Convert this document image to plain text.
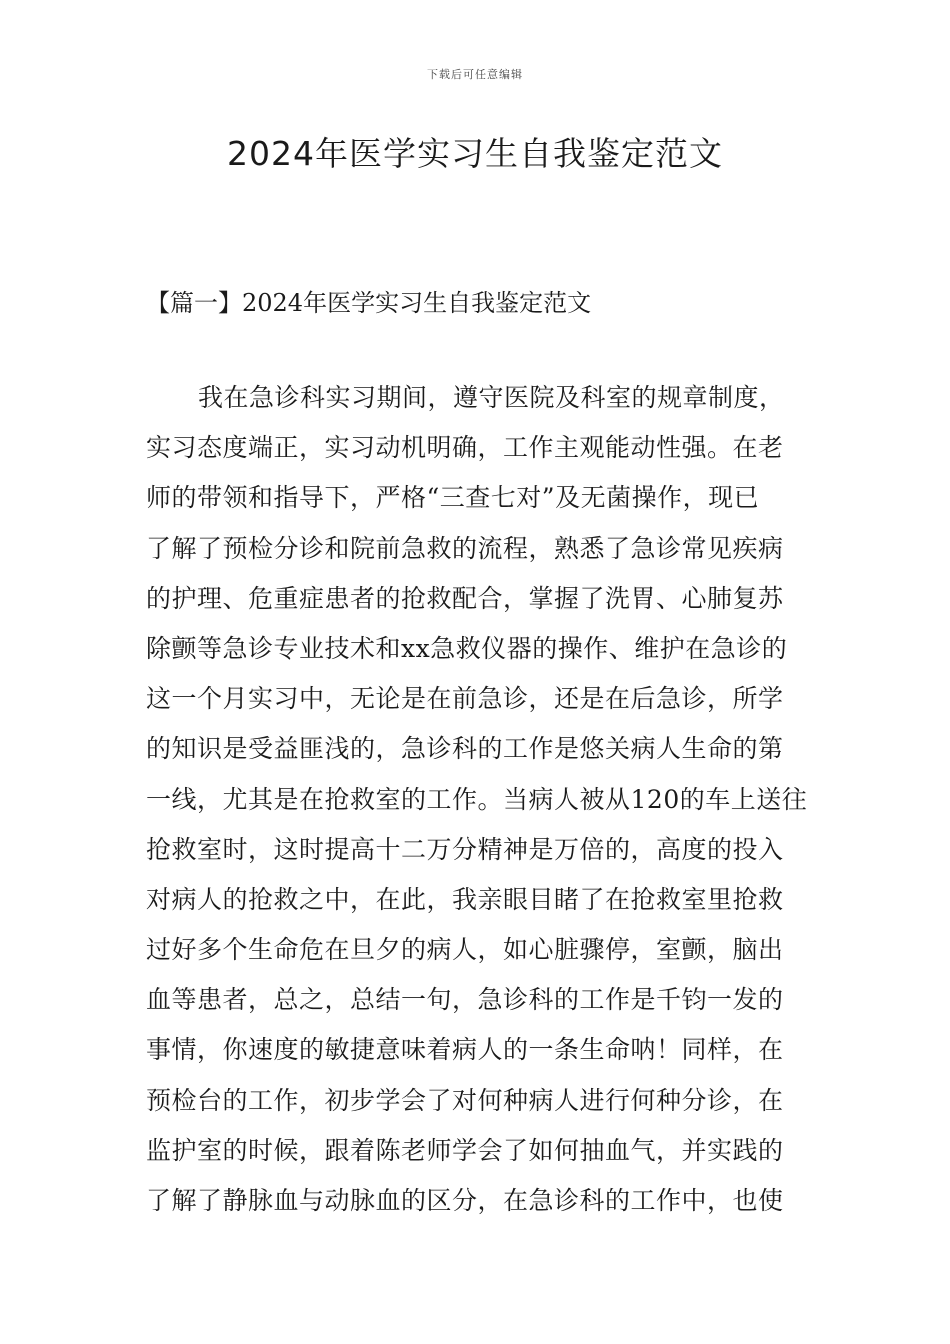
下载后可任意编辑
2024年医学实习生自我鉴定范文
【篇一】2024年医学实习生自我鉴定范文
我在急诊科实习期间，遵守医院及科室的规章制度，
实习态度端正，实习动机明确，工作主观能动性强。在老
师的带领和指导下，严格“三查七对”及无菌操作，现已
了解了预检分诊和院前急救的流程，熟悉了急诊常见疾病
的护理、危重症患者的抢救配合，掌握了洗胃、心肺复苏
除颤等急诊专业技术和xx急救仪器的操作、维护在急诊的
这一个月实习中，无论是在前急诊，还是在后急诊，所学
的知识是受益匪浅的，急诊科的工作是悠关病人生命的第
一线，尤其是在抢救室的工作。当病人被从120的车上送往
抢救室时，这时提高十二万分精神是万倍的，高度的投入
对病人的抢救之中，在此，我亲眼目睹了在抢救室里抢救
过好多个生命危在旦夕的病人，如心脏骤停，室颤，脑出
血等患者，总之，总结一句，急诊科的工作是千钧一发的
事情，你速度的敏捷意味着病人的一条生命呐！同样，在
预检台的工作，初步学会了对何种病人进行何种分诊，在
监护室的时候，跟着陈老师学会了如何抽血气，并实践的
了解了静脉血与动脉血的区分，在急诊科的工作中，也使
